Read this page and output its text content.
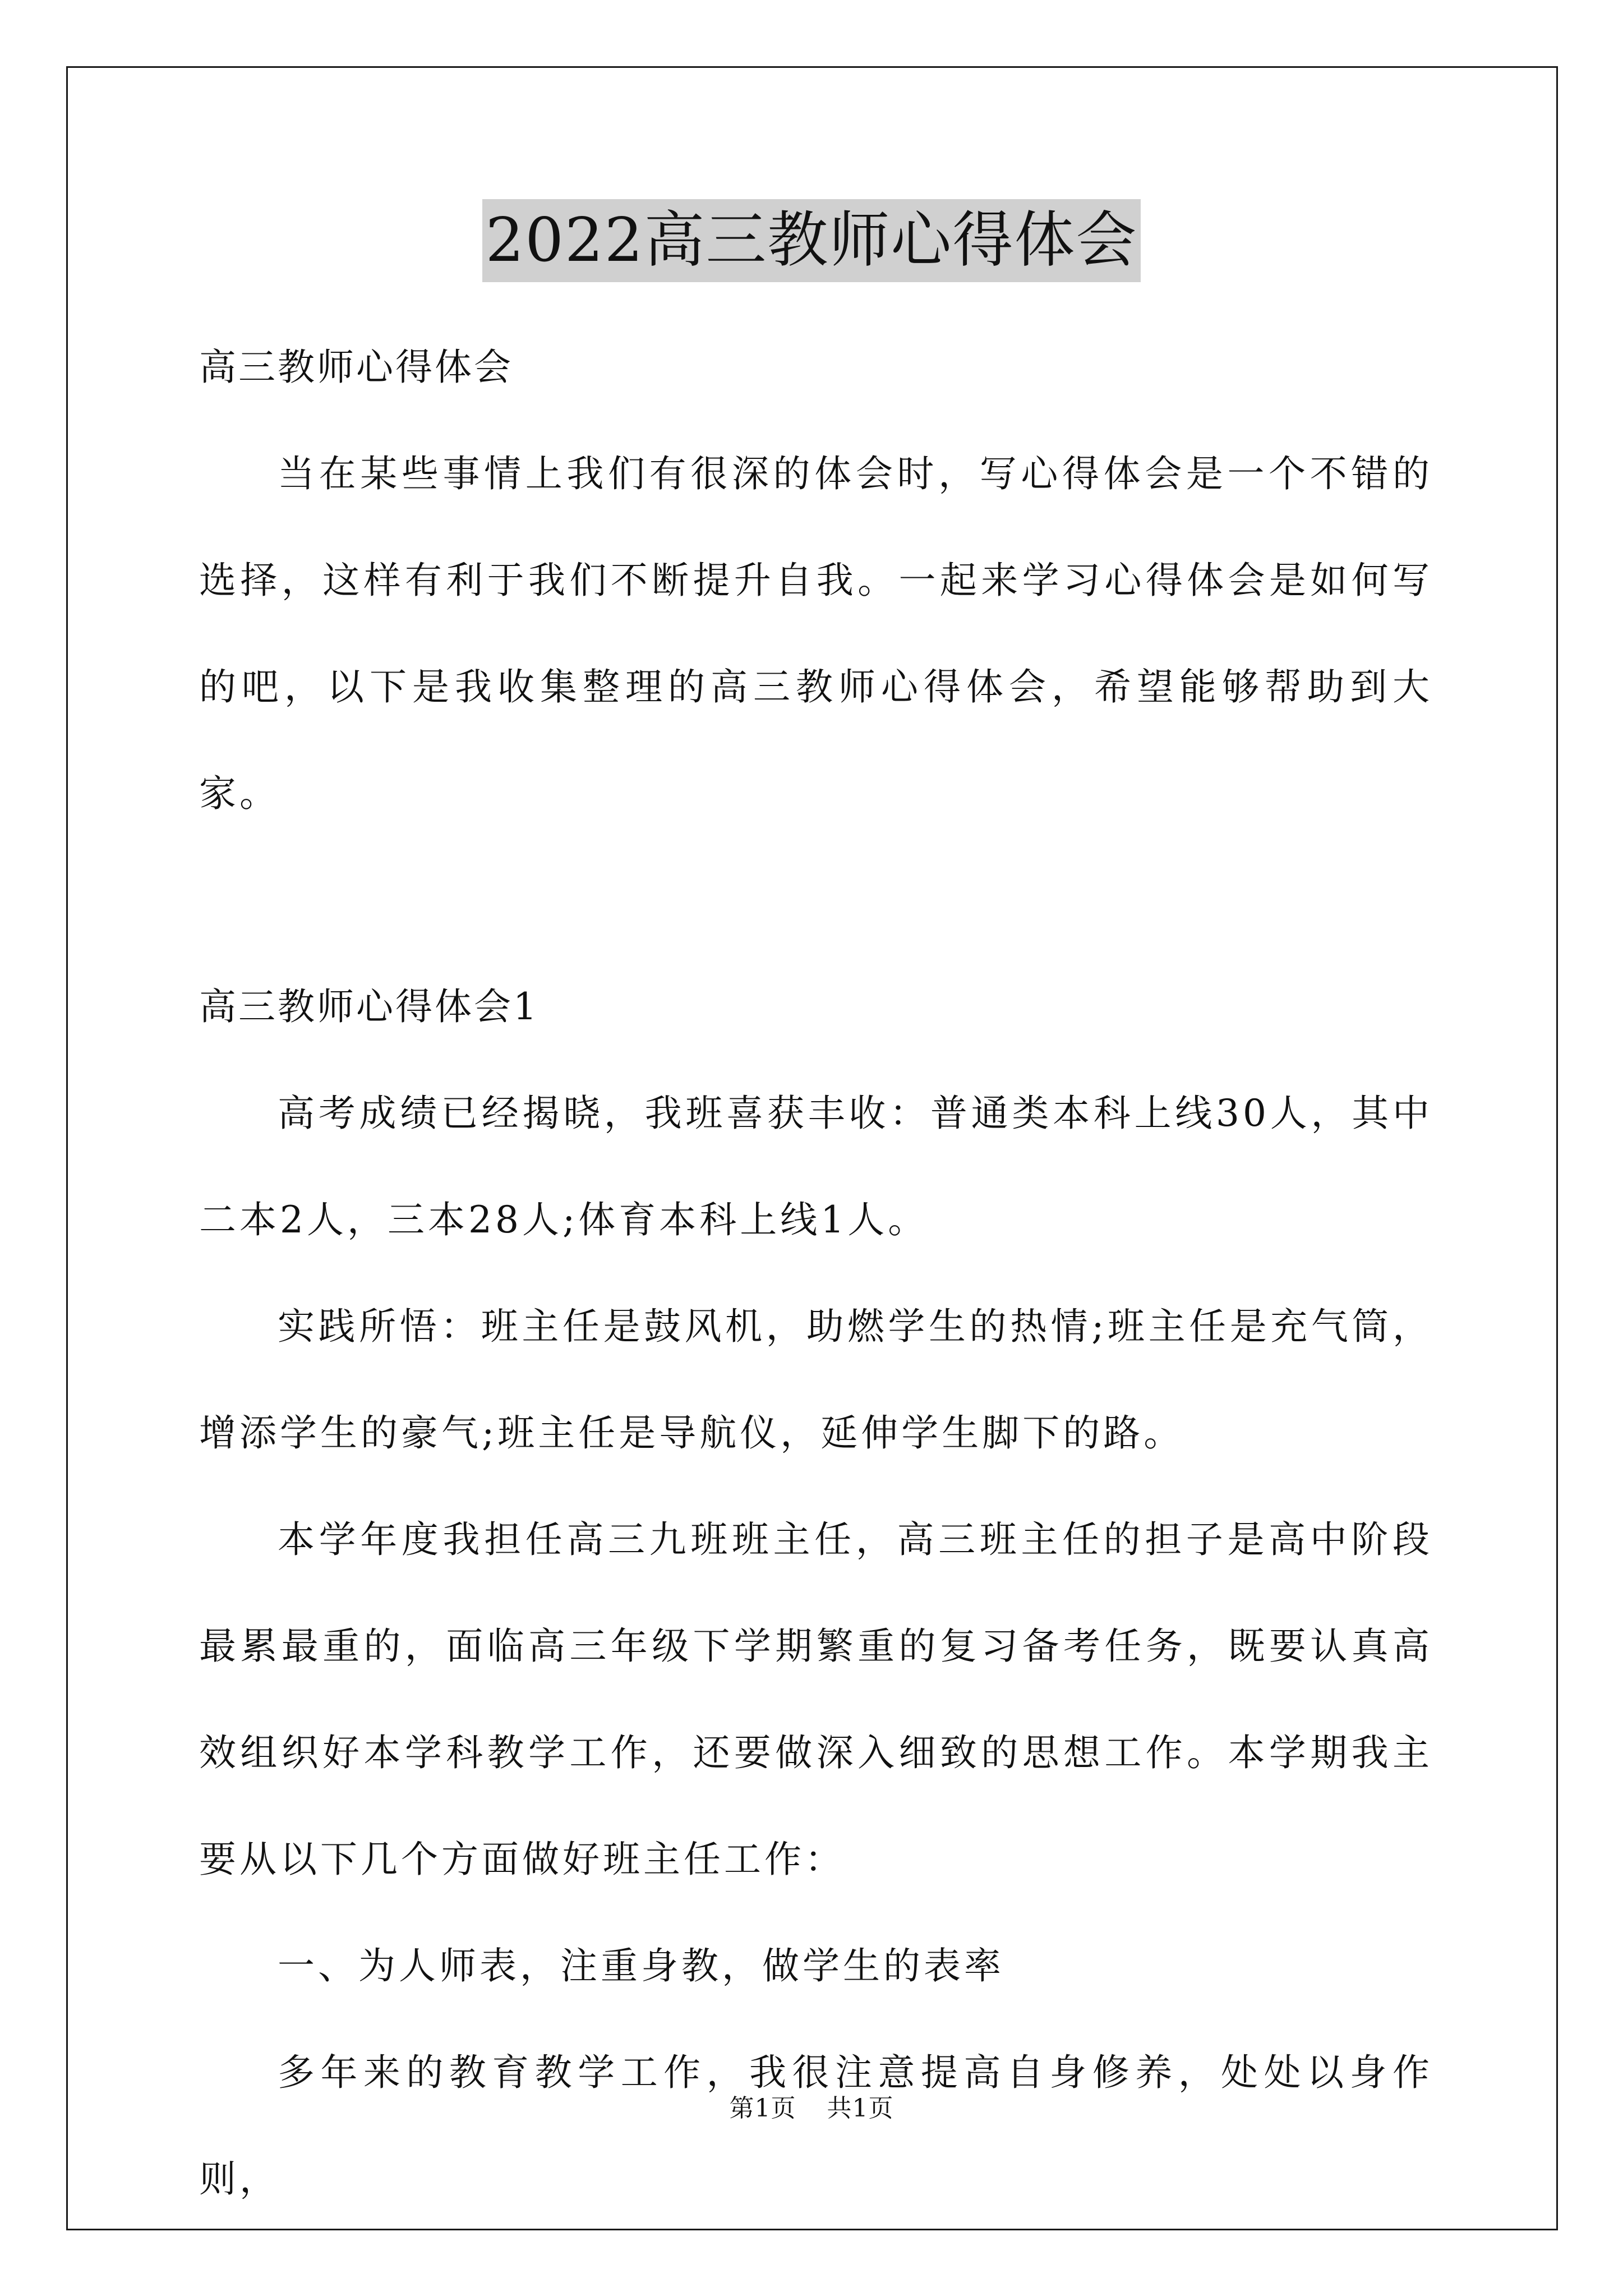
2022高三教师心得体会

高三教师心得体会

当在某些事情上我们有很深的体会时，写心得体会是一个不错的选择，这样有利于我们不断提升自我。一起来学习心得体会是如何写的吧，以下是我收集整理的高三教师心得体会，希望能够帮助到大家。

高三教师心得体会1

高考成绩已经揭晓，我班喜获丰收：普通类本科上线30人，其中二本2人，三本28人;体育本科上线1人。

实践所悟：班主任是鼓风机，助燃学生的热情;班主任是充气筒，增添学生的豪气;班主任是导航仪，延伸学生脚下的路。

本学年度我担任高三九班班主任，高三班主任的担子是高中阶段最累最重的，面临高三年级下学期繁重的复习备考任务，既要认真高效组织好本学科教学工作，还要做深入细致的思想工作。本学期我主要从以下几个方面做好班主任工作：

一、为人师表，注重身教，做学生的表率

多年来的教育教学工作，我很注意提高自身修养，处处以身作则，

第1页 共1页
